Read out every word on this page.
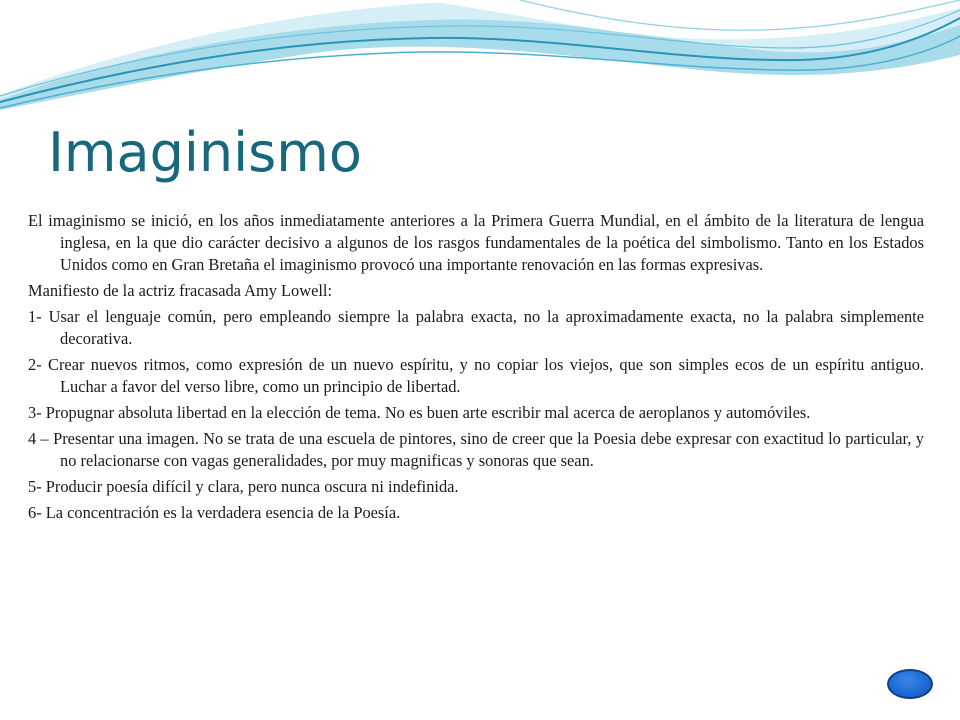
Imaginismo

El imaginismo se inició, en los años inmediatamente anteriores a la Primera Guerra Mundial, en el ámbito de la literatura de lengua inglesa, en la que dio carácter decisivo a algunos de los rasgos fundamentales de la poética del simbolismo. Tanto en los Estados Unidos como en Gran Bretaña el imaginismo provocó una importante renovación en las formas expresivas.

Manifiesto de la actriz fracasada Amy Lowell:

1- Usar el lenguaje común, pero empleando siempre la palabra exacta, no la aproximadamente exacta, no la palabra simplemente decorativa.

2- Crear nuevos ritmos, como expresión de un nuevo espíritu, y no copiar los viejos, que son simples ecos de un espíritu antiguo. Luchar a favor del verso libre, como un principio de libertad.

3- Propugnar absoluta libertad en la elección de tema. No es buen arte escribir mal acerca de aeroplanos y automóviles.

4 – Presentar una imagen. No se trata de una escuela de pintores, sino de creer que la Poesia debe expresar con exactitud lo particular, y no relacionarse con vagas generalidades, por muy magnificas y sonoras que sean.

5- Producir poesía difícil y clara, pero nunca oscura ni indefinida.

6- La concentración es la verdadera esencia de la Poesía.
